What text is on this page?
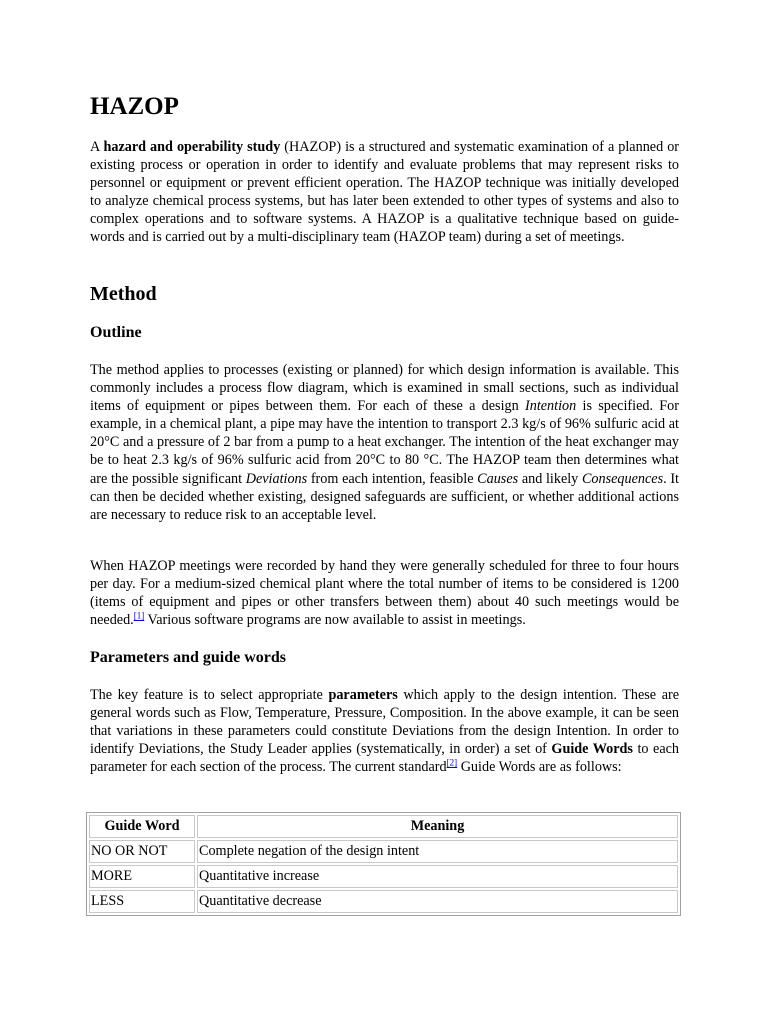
HAZOP

A hazard and operability study (HAZOP) is a structured and systematic examination of a planned or existing process or operation in order to identify and evaluate problems that may represent risks to personnel or equipment or prevent efficient operation. The HAZOP technique was initially developed to analyze chemical process systems, but has later been extended to other types of systems and also to complex operations and to software systems. A HAZOP is a qualitative technique based on guide-words and is carried out by a multi-disciplinary team (HAZOP team) during a set of meetings.

Method
Outline

The method applies to processes (existing or planned) for which design information is available. This commonly includes a process flow diagram, which is examined in small sections, such as individual items of equipment or pipes between them. For each of these a design Intention is specified. For example, in a chemical plant, a pipe may have the intention to transport 2.3 kg/s of 96% sulfuric acid at 20°C and a pressure of 2 bar from a pump to a heat exchanger. The intention of the heat exchanger may be to heat 2.3 kg/s of 96% sulfuric acid from 20°C to 80 °C. The HAZOP team then determines what are the possible significant Deviations from each intention, feasible Causes and likely Consequences. It can then be decided whether existing, designed safeguards are sufficient, or whether additional actions are necessary to reduce risk to an acceptable level.

When HAZOP meetings were recorded by hand they were generally scheduled for three to four hours per day. For a medium-sized chemical plant where the total number of items to be considered is 1200 (items of equipment and pipes or other transfers between them) about 40 such meetings would be needed.[1] Various software programs are now available to assist in meetings.

Parameters and guide words

The key feature is to select appropriate parameters which apply to the design intention. These are general words such as Flow, Temperature, Pressure, Composition. In the above example, it can be seen that variations in these parameters could constitute Deviations from the design Intention. In order to identify Deviations, the Study Leader applies (systematically, in order) a set of Guide Words to each parameter for each section of the process. The current standard[2] Guide Words are as follows:

Guide Word	Meaning
NO OR NOT	Complete negation of the design intent
MORE	Quantitative increase
LESS	Quantitative decrease
